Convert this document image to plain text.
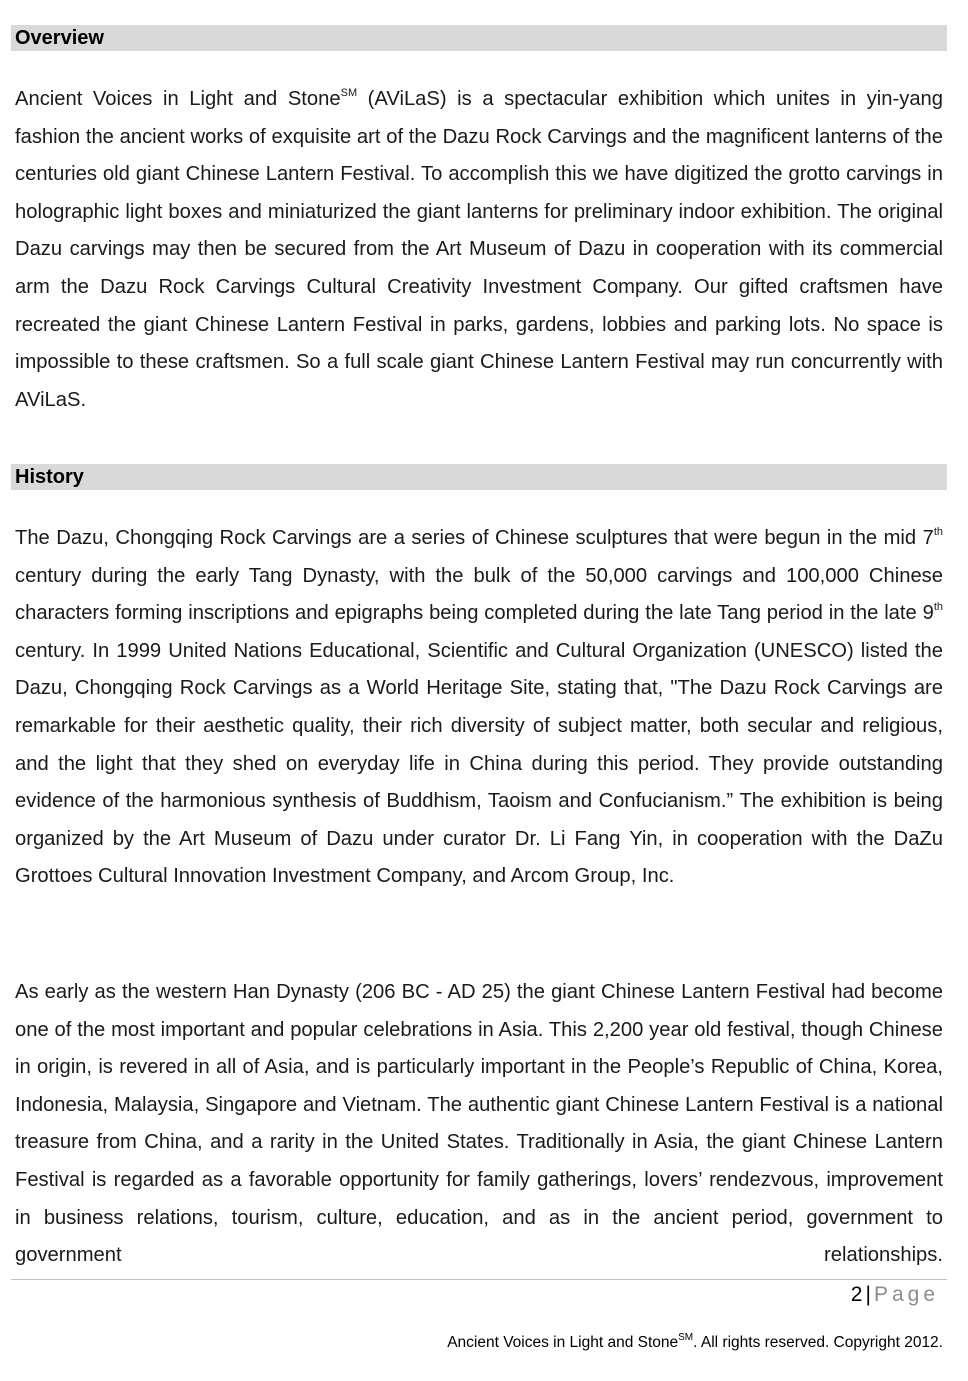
Overview

Ancient Voices in Light and Stone℠ (AViLaS) is a spectacular exhibition which unites in yin-yang fashion the ancient works of exquisite art of the Dazu Rock Carvings and the magnificent lanterns of the centuries old giant Chinese Lantern Festival. To accomplish this we have digitized the grotto carvings in holographic light boxes and miniaturized the giant lanterns for preliminary indoor exhibition. The original Dazu carvings may then be secured from the Art Museum of Dazu in cooperation with its commercial arm the Dazu Rock Carvings Cultural Creativity Investment Company. Our gifted craftsmen have recreated the giant Chinese Lantern Festival in parks, gardens, lobbies and parking lots. No space is impossible to these craftsmen. So a full scale giant Chinese Lantern Festival may run concurrently with AViLaS.

History

The Dazu, Chongqing Rock Carvings are a series of Chinese sculptures that were begun in the mid 7th century during the early Tang Dynasty, with the bulk of the 50,000 carvings and 100,000 Chinese characters forming inscriptions and epigraphs being completed during the late Tang period in the late 9th century. In 1999 United Nations Educational, Scientific and Cultural Organization (UNESCO) listed the Dazu, Chongqing Rock Carvings as a World Heritage Site, stating that, "The Dazu Rock Carvings are remarkable for their aesthetic quality, their rich diversity of subject matter, both secular and religious, and the light that they shed on everyday life in China during this period. They provide outstanding evidence of the harmonious synthesis of Buddhism, Taoism and Confucianism.” The exhibition is being organized by the Art Museum of Dazu under curator Dr. Li Fang Yin, in cooperation with the DaZu Grottoes Cultural Innovation Investment Company, and Arcom Group, Inc.

As early as the western Han Dynasty (206 BC - AD 25) the giant Chinese Lantern Festival had become one of the most important and popular celebrations in Asia. This 2,200 year old festival, though Chinese in origin, is revered in all of Asia, and is particularly important in the People’s Republic of China, Korea, Indonesia, Malaysia, Singapore and Vietnam. The authentic giant Chinese Lantern Festival is a national treasure from China, and a rarity in the United States. Traditionally in Asia, the giant Chinese Lantern Festival is regarded as a favorable opportunity for family gatherings, lovers’ rendezvous, improvement in business relations, tourism, culture, education, and as in the ancient period, government to government relationships.

2 | Page
Ancient Voices in Light and Stone℠. All rights reserved. Copyright 2012.
